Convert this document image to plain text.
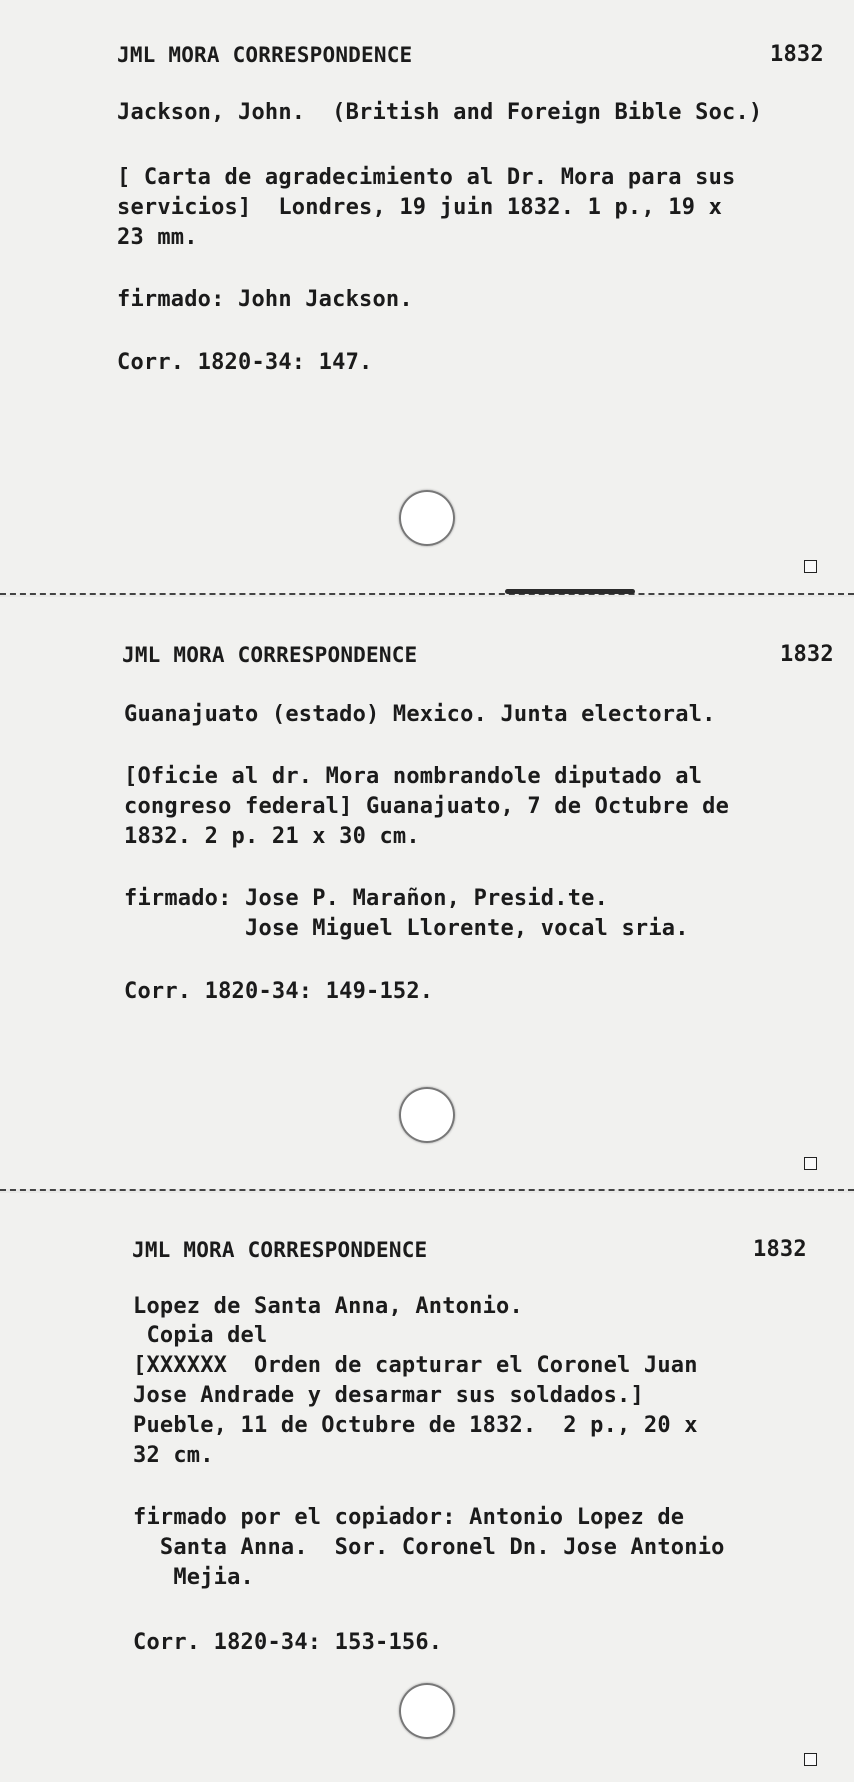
JML MORA CORRESPONDENCE	1832
Jackson, John.  (British and Foreign Bible Soc.)
[ Carta de agradecimiento al Dr. Mora para sus
servicios]  Londres, 19 juin 1832. 1 p., 19 x
23 mm.
firmado: John Jackson.
Corr. 1820-34: 147.
JML MORA CORRESPONDENCE	1832
Guanajuato (estado) Mexico. Junta electoral.
[Oficie al dr. Mora nombrandole diputado al
congreso federal] Guanajuato, 7 de Octubre de
1832. 2 p. 21 x 30 cm.
firmado: Jose P. Marañon, Presid.te.
Jose Miguel Llorente, vocal sria.
Corr. 1820-34: 149-152.
JML MORA CORRESPONDENCE	1832
Lopez de Santa Anna, Antonio.
Copia del
[XXXXXX  Orden de capturar el Coronel Juan
Jose Andrade y desarmar sus soldados.]
Pueble, 11 de Octubre de 1832.  2 p., 20 x
32 cm.
firmado por el copiador: Antonio Lopez de
Santa Anna.  Sor. Coronel Dn. Jose Antonio
Mejia.
Corr. 1820-34: 153-156.
